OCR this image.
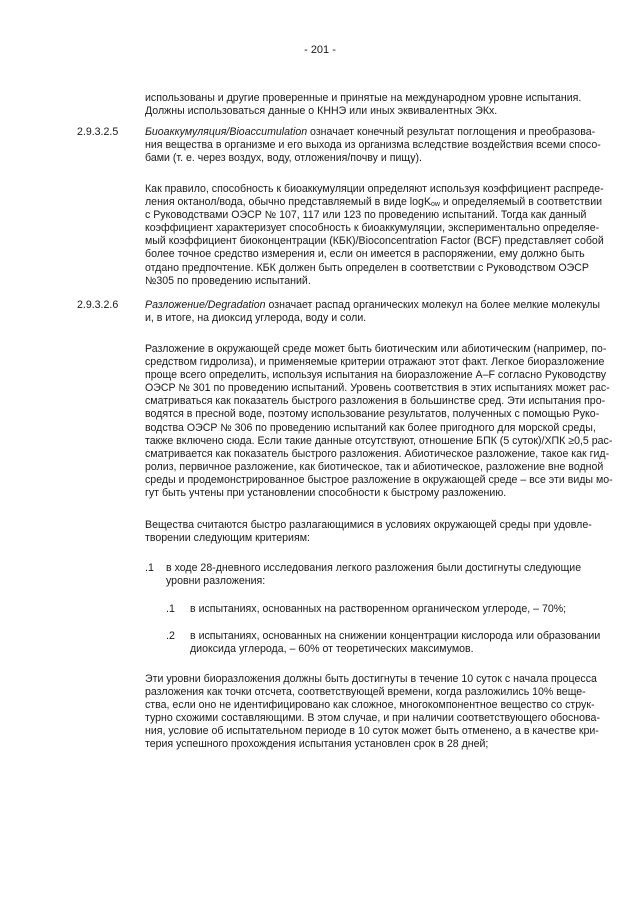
- 201 -
использованы и другие проверенные и принятые на международном уровне испытания.
Должны использоваться данные о КННЭ или иных эквивалентных ЭКх.
2.9.3.2.5	Биоаккумуляция/Bioaccumulation означает конечный результат поглощения и преобразова-
ния вещества в организме и его выхода из организма вследствие воздействия всеми спосо-
бами (т. е. через воздух, воду, отложения/почву и пищу).
Как правило, способность к биоаккумуляции определяют используя коэффициент распреде-
ления октанол/вода, обычно представляемый в виде logK$_{ow}$ и определяемый в соответствии
с Руководствами ОЭСР № 107, 117 или 123 по проведению испытаний. Тогда как данный
коэффициент характеризует способность к биоаккумуляции, экспериментально определяе-
мый коэффициент биоконцентрации (КБК)/Bioconcentration Factor (BCF) представляет собой
более точное средство измерения и, если он имеется в распоряжении, ему должно быть
отдано предпочтение. КБК должен быть определен в соответствии с Руководством ОЭСР
№305 по проведению испытаний.
2.9.3.2.6	Разложение/Degradation означает распад органических молекул на более мелкие молекулы
и, в итоге, на диоксид углерода, воду и соли.
Разложение в окружающей среде может быть биотическим или абиотическим (например, по-
средством гидролиза), и применяемые критерии отражают этот факт. Легкое биоразложение
проще всего определить, используя испытания на биоразложение A–F согласно Руководству
ОЭСР № 301 по проведению испытаний. Уровень соответствия в этих испытаниях может рас-
сматриваться как показатель быстрого разложения в большинстве сред. Эти испытания про-
водятся в пресной воде, поэтому использование результатов, полученных с помощью Руко-
водства ОЭСР № 306 по проведению испытаний как более пригодного для морской среды,
также включено сюда. Если такие данные отсутствуют, отношение БПК (5 суток)/ХПК ≥0,5 рас-
сматривается как показатель быстрого разложения. Абиотическое разложение, такое как гид-
ролиз, первичное разложение, как биотическое, так и абиотическое, разложение вне водной
среды и продемонстрированное быстрое разложение в окружающей среде – все эти виды мо-
гут быть учтены при установлении способности к быстрому разложению.
Вещества считаются быстро разлагающимися в условиях окружающей среды при удовле-
творении следующим критериям:
.1 в ходе 28-дневного исследования легкого разложения были достигнуты следующие
уровни разложения:
.1 в испытаниях, основанных на растворенном органическом углероде, – 70%;
.2 в испытаниях, основанных на снижении концентрации кислорода или образовании
диоксида углерода, – 60% от теоретических максимумов.
Эти уровни биоразложения должны быть достигнуты в течение 10 суток с начала процесса
разложения как точки отсчета, соответствующей времени, когда разложились 10% веще-
ства, если оно не идентифицировано как сложное, многокомпонентное вещество со струк-
турно схожими составляющими. В этом случае, и при наличии соответствующего обоснова-
ния, условие об испытательном периоде в 10 суток может быть отменено, а в качестве кри-
терия успешного прохождения испытания установлен срок в 28 дней;
